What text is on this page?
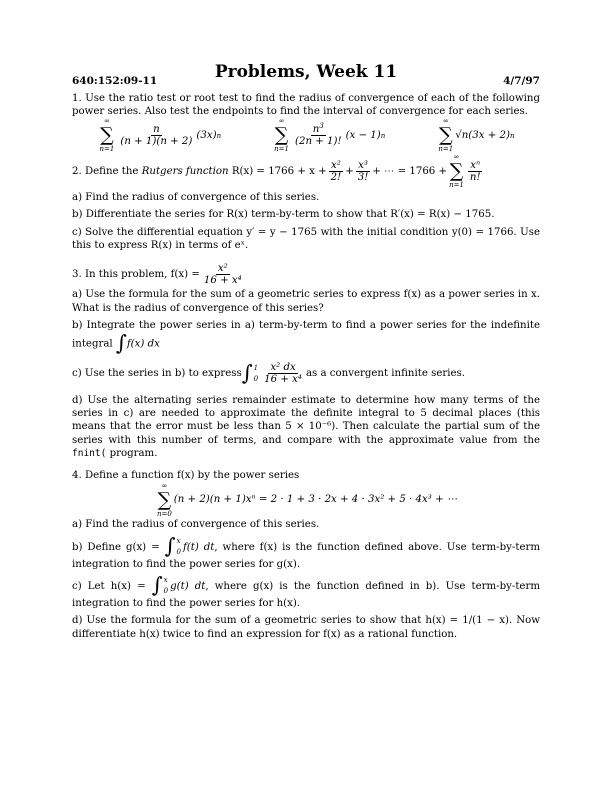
640:152:09-11	Problems, Week 11	4/7/97

1. Use the ratio test or root test to find the radius of convergence of each of the following power series. Also test the endpoints to find the interval of convergence for each series.

∞
∑
n=1
$\frac{n}{(n + 1)(n + 2)} (3x)$ n
∞
∑
n=1
$\frac{n^3}{(2n + 1)!} (x - 1)$ n
∞
∑
n=1
√n(3x + 2) n

2. Define the
Rutgers function
$R(x) = 1766 + x + \frac{\text{x²}}{2!} + \frac{\text{x³}}{3!}$ + ⋯ = 1766 +
∞
∑
n=1
$\frac{\text{xⁿ}}{n!}$

a) Find the radius of convergence of this series.

b) Differentiate the series for R(x) term-by-term to show that R′(x) = R(x) − 1765.

c) Solve the differential equation y′ = y − 1765 with the initial condition y(0) = 1766. Use this to express R(x) in terms of eˣ.

3. In this problem, $f(x) = \frac{\text{x²}}{\text{16 + x⁴}}$

a) Use the formula for the sum of a geometric series to express f(x) as a power series in x. What is the radius of convergence of this series?

b) Integrate the power series in a) term-by-term to find a power series for the indefinite integral ∫ f(x) dx

c) Use the series in b) to express ∫ 1
$0 \frac{\text{x² dx}}{\text{16 + x⁴}}$ as a convergent infinite series.

d) Use the alternating series remainder estimate to determine how many terms of the series in c) are needed to approximate the definite integral to 5 decimal places (this means that the error must be less than 5 × 10⁻⁶). Then calculate the partial sum of the series with this number of terms, and compare with the approximate value from the fnint( program.

4. Define a function f(x) by the power series

∞
∑
n=0
(n + 2)(n + 1)xⁿ = 2 · 1 + 3 · 2x + 4 · 3x² + 5 · 4x³ + ⋯

a) Find the radius of convergence of this series.

b) Define g(x) = ∫ x
0 f(t) dt, where f(x) is the function defined above. Use term-by-term integration to find the power series for g(x).

c) Let h(x) = ∫ x
0 g(t) dt, where g(x) is the function defined in b). Use term-by-term integration to find the power series for h(x).

d) Use the formula for the sum of a geometric series to show that h(x) = 1/(1 − x). Now differentiate h(x) twice to find an expression for f(x) as a rational function.
